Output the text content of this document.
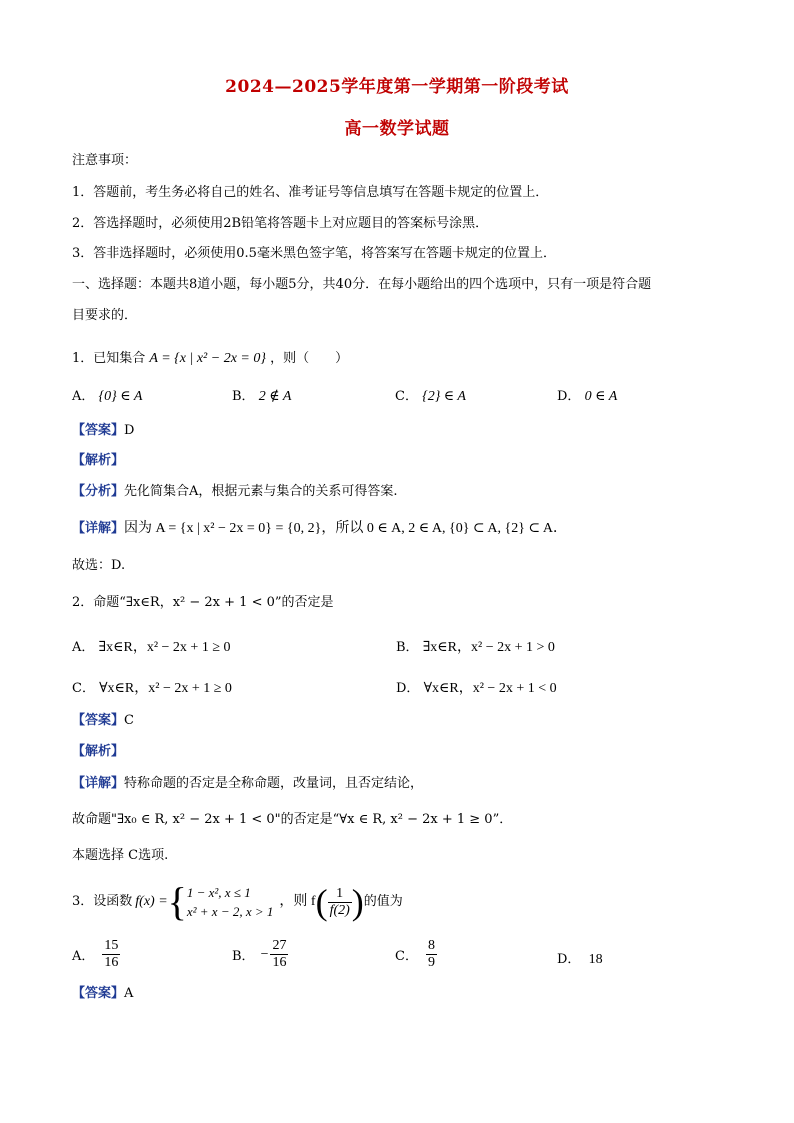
2024—2025学年度第一学期第一阶段考试
高一数学试题
注意事项：
1．答题前，考生务必将自己的姓名、准考证号等信息填写在答题卡规定的位置上．
2．答选择题时，必须使用2B铅笔将答题卡上对应题目的答案标号涂黑．
3．答非选择题时，必须使用0.5毫米黑色签字笔，将答案写在答题卡规定的位置上．
一、选择题：本题共8道小题，每小题5分，共40分．在每小题给出的四个选项中，只有一项是符合题
目要求的．
1．已知集合 A = {x | x² − 2x = 0} ，则（　　）
A． {0} ∈ A	B． 2 ∉ A	C． {2} ∈ A	D． 0 ∈ A
【答案】D
【解析】
【分析】先化简集合A，根据元素与集合的关系可得答案.
【详解】因为 A = {x | x² − 2x = 0} = {0, 2}，所以 0 ∈ A, 2 ∈ A, {0} ⊂ A, {2} ⊂ A．
故选：D.
2．命题“∃x∈R，x² − 2x + 1 < 0”的否定是
A． ∃x∈R，x² − 2x + 1 ≥ 0	B． ∃x∈R，x² − 2x + 1 > 0
C． ∀x∈R，x² − 2x + 1 ≥ 0	D． ∀x∈R，x² − 2x + 1 < 0
【答案】C
【解析】
【详解】特称命题的否定是全称命题，改量词，且否定结论，
故命题"∃x₀ ∈ R, x² − 2x + 1 < 0"的否定是“∀x ∈ R, x² − 2x + 1 ≥ 0”．
本题选择 C选项.
3．设函数 f(x) = { 1 − x², x ≤ 1
x² + x − 2, x > 1
，则 f ( $\frac{1}{f(2)}$ ) 的值为
A． $\frac{15}{16}$	B． − $\frac{27}{16}$	C． $\frac{8}{9}$	D． 18
【答案】A
